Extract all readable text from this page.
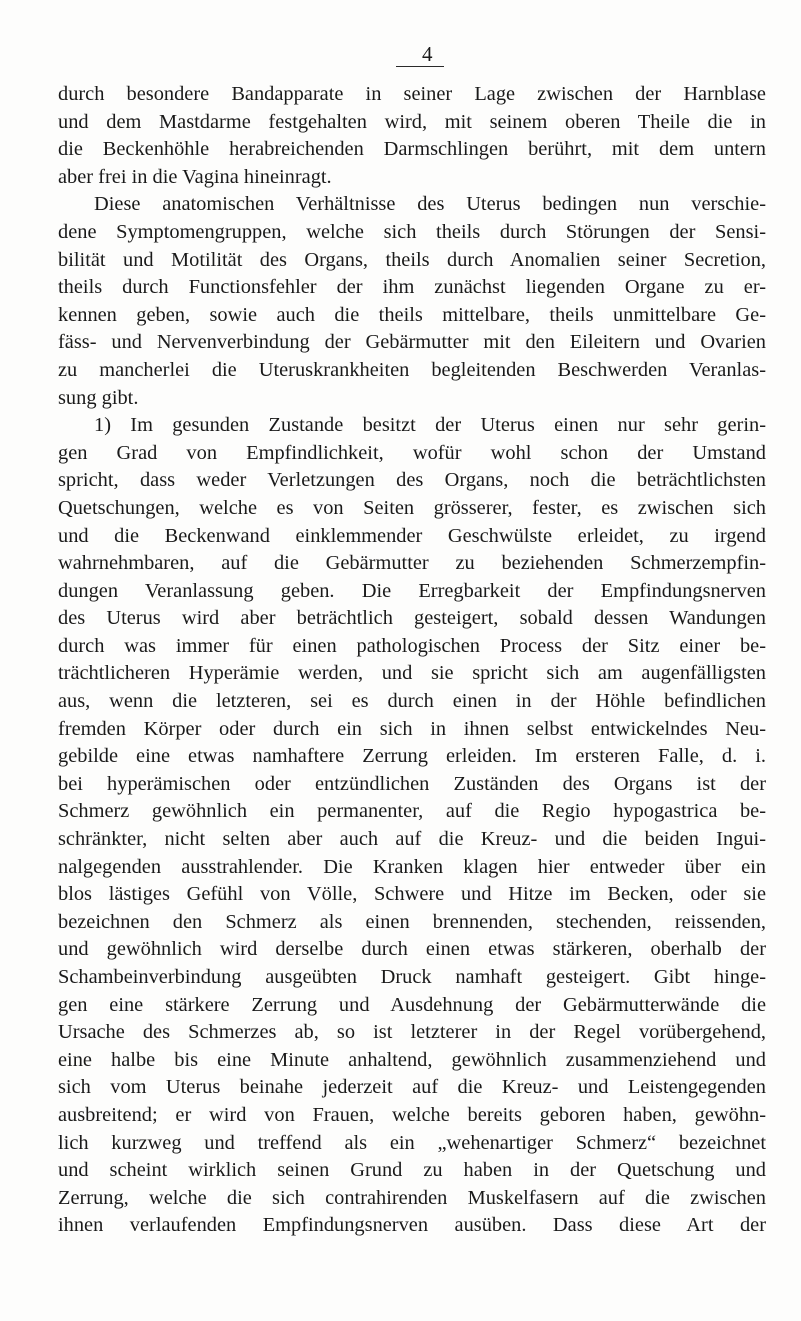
4
durch besondere Bandapparate in seiner Lage zwischen der Harnblase
und dem Mastdarme festgehalten wird, mit seinem oberen Theile die in
die Beckenhöhle herabreichenden Darmschlingen berührt, mit dem untern
aber frei in die Vagina hineinragt.
Diese anatomischen Verhältnisse des Uterus bedingen nun verschie-
dene Symptomengruppen, welche sich theils durch Störungen der Sensi-
bilität und Motilität des Organs, theils durch Anomalien seiner Secretion,
theils durch Functionsfehler der ihm zunächst liegenden Organe zu er-
kennen geben, sowie auch die theils mittelbare, theils unmittelbare Ge-
fäss- und Nervenverbindung der Gebärmutter mit den Eileitern und Ovarien
zu mancherlei die Uteruskrankheiten begleitenden Beschwerden Veranlas-
sung gibt.
1) Im gesunden Zustande besitzt der Uterus einen nur sehr gerin-
gen Grad von Empfindlichkeit, wofür wohl schon der Umstand
spricht, dass weder Verletzungen des Organs, noch die beträchtlichsten
Quetschungen, welche es von Seiten grösserer, fester, es zwischen sich
und die Beckenwand einklemmender Geschwülste erleidet, zu irgend
wahrnehmbaren, auf die Gebärmutter zu beziehenden Schmerzempfin-
dungen Veranlassung geben. Die Erregbarkeit der Empfindungsnerven
des Uterus wird aber beträchtlich gesteigert, sobald dessen Wandungen
durch was immer für einen pathologischen Process der Sitz einer be-
trächtlicheren Hyperämie werden, und sie spricht sich am augenfälligsten
aus, wenn die letzteren, sei es durch einen in der Höhle befindlichen
fremden Körper oder durch ein sich in ihnen selbst entwickelndes Neu-
gebilde eine etwas namhaftere Zerrung erleiden. Im ersteren Falle, d. i.
bei hyperämischen oder entzündlichen Zuständen des Organs ist der
Schmerz gewöhnlich ein permanenter, auf die Regio hypogastrica be-
schränkter, nicht selten aber auch auf die Kreuz- und die beiden Ingui-
nalgegenden ausstrahlender. Die Kranken klagen hier entweder über ein
blos lästiges Gefühl von Völle, Schwere und Hitze im Becken, oder sie
bezeichnen den Schmerz als einen brennenden, stechenden, reissenden,
und gewöhnlich wird derselbe durch einen etwas stärkeren, oberhalb der
Schambeinverbindung ausgeübten Druck namhaft gesteigert. Gibt hinge-
gen eine stärkere Zerrung und Ausdehnung der Gebärmutterwände die
Ursache des Schmerzes ab, so ist letzterer in der Regel vorübergehend,
eine halbe bis eine Minute anhaltend, gewöhnlich zusammenziehend und
sich vom Uterus beinahe jederzeit auf die Kreuz- und Leistengegenden
ausbreitend; er wird von Frauen, welche bereits geboren haben, gewöhn-
lich kurzweg und treffend als ein „wehenartiger Schmerz“ bezeichnet
und scheint wirklich seinen Grund zu haben in der Quetschung und
Zerrung, welche die sich contrahirenden Muskelfasern auf die zwischen
ihnen verlaufenden Empfindungsnerven ausüben. Dass diese Art der
